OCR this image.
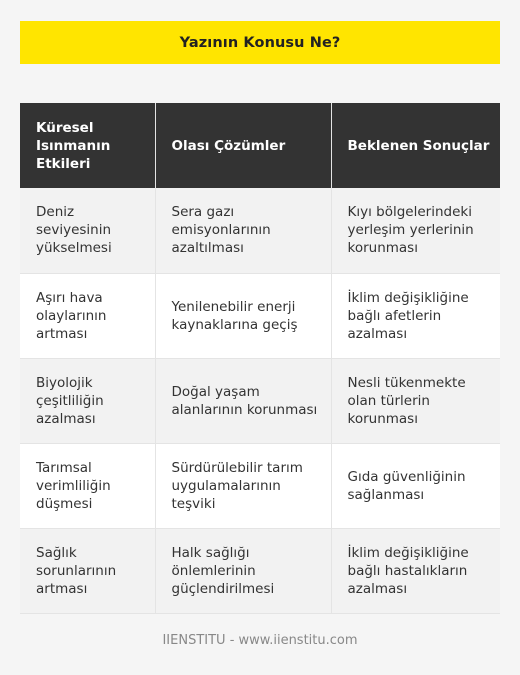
Yazının Konusu Ne?
Küresel Isınmanın Etkileri	Olası Çözümler	Beklenen Sonuçlar
Deniz seviyesinin yükselmesi	Sera gazı emisyonlarının azaltılması	Kıyı bölgelerindeki yerleşim yerlerinin korunması
Aşırı hava olaylarının artması	Yenilenebilir enerji kaynaklarına geçiş	İklim değişikliğine bağlı afetlerin azalması
Biyolojik çeşitliliğin azalması	Doğal yaşam alanlarının korunması	Nesli tükenmekte olan türlerin korunması
Tarımsal verimliliğin düşmesi	Sürdürülebilir tarım uygulamalarının teşviki	Gıda güvenliğinin sağlanması
Sağlık sorunlarının artması	Halk sağlığı önlemlerinin güçlendirilmesi	İklim değişikliğine bağlı hastalıkların azalması
IIENSTITU - www.iienstitu.com
